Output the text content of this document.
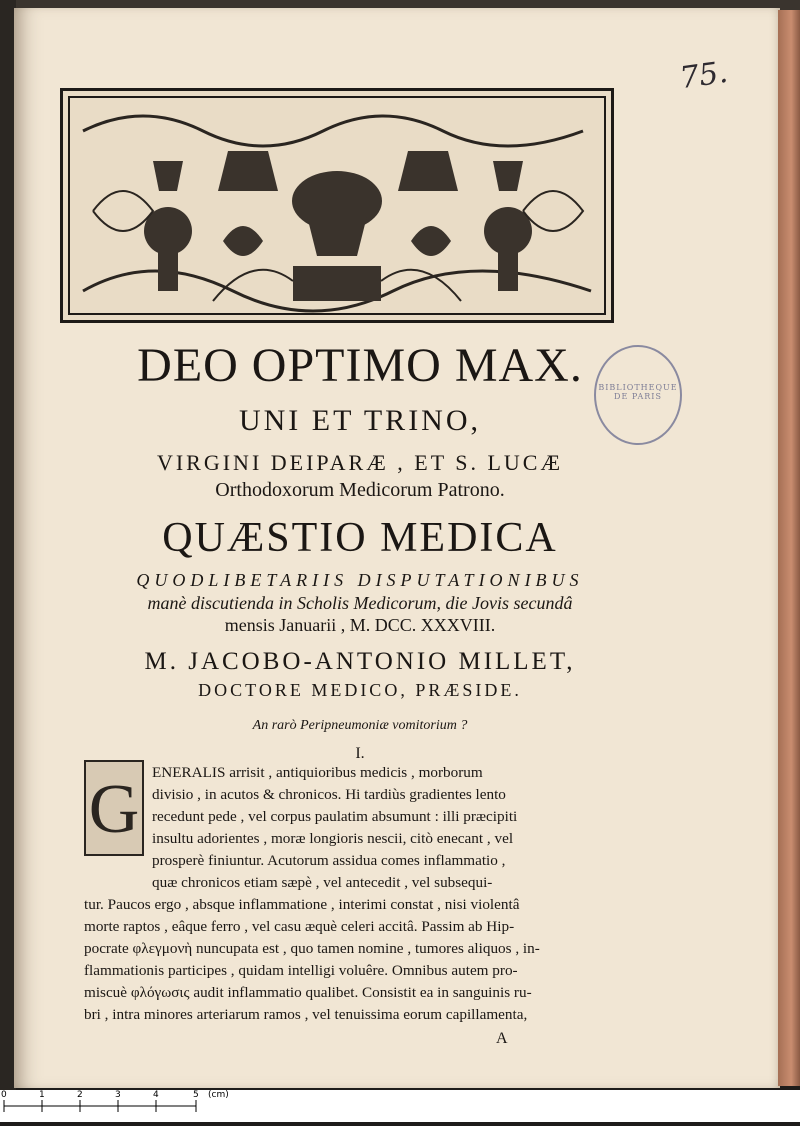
75.
BIBLIOTHEQUE DE PARIS
DEO OPTIMO MAX.
UNI ET TRINO,
VIRGINI DEIPARÆ , ET S. LUCÆ
Orthodoxorum Medicorum Patrono.
QUÆSTIO MEDICA
QUODLIBETARIIS DISPUTATIONIBUS
manè discutienda in Scholis Medicorum, die Jovis secundâ
mensis Januarii , M. DCC. XXXVIII.
M. JACOBO-ANTONIO MILLET,
DOCTORE MEDICO, PRÆSIDE.
An rarò Peripneumoniæ vomitorium ?
I.
G ENERALIS arrisit , antiquioribus medicis , morborum
divisio , in acutos & chronicos. Hi tardiùs gradientes lento
recedunt pede , vel corpus paulatim absumunt : illi præcipiti
insultu adorientes , moræ longioris nescii, citò enecant , vel
prosperè finiuntur. Acutorum assidua comes inflammatio ,
quæ chronicos etiam sæpè , vel antecedit , vel subsequi-
tur. Paucos ergo , absque inflammatione , interimi constat , nisi violentâ
morte raptos , eâque ferro , vel casu æquè celeri accitâ. Passim ab Hip-
pocrate φλεγμονὴ nuncupata est , quo tamen nomine , tumores aliquos , in-
flammationis participes , quidam intelligi voluêre. Omnibus autem pro-
miscuè φλόγωσις audit inflammatio qualibet. Consistit ea in sanguinis ru-
bri , intra minores arteriarum ramos , vel tenuissima eorum capillamenta,
A
0	1	2	3	4	5 (cm)
